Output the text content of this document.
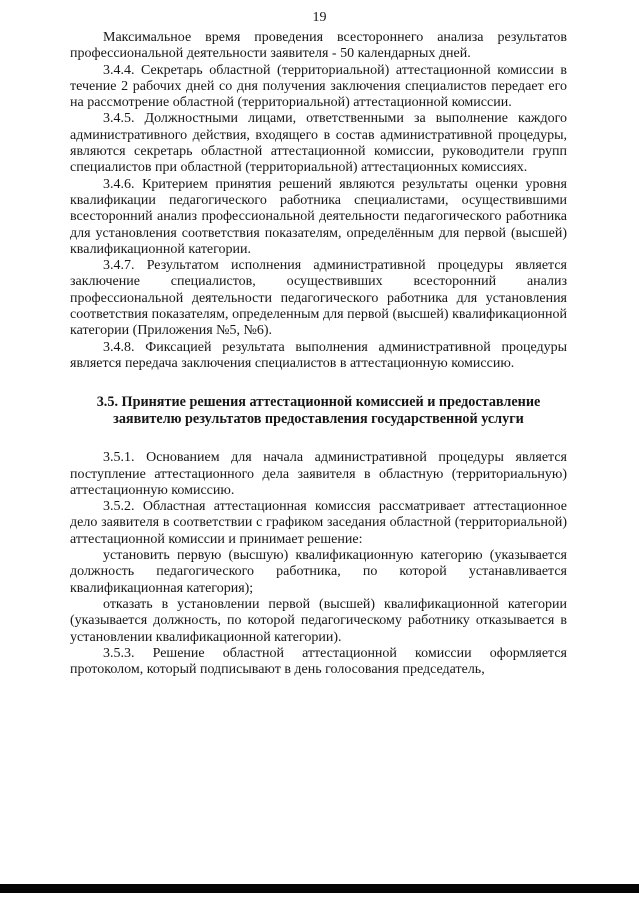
19

Максимальное время проведения всестороннего анализа результатов профессиональной деятельности заявителя - 50 календарных дней.

3.4.4. Секретарь областной (территориальной) аттестационной комиссии в течение 2 рабочих дней со дня получения заключения специалистов передает его на рассмотрение областной (территориальной) аттестационной комиссии.

3.4.5. Должностными лицами, ответственными за выполнение каждого административного действия, входящего в состав административной процедуры, являются секретарь областной аттестационной комиссии, руководители групп специалистов при областной (территориальной) аттестационных комиссиях.

3.4.6. Критерием принятия решений являются результаты оценки уровня квалификации педагогического работника специалистами, осуществившими всесторонний анализ профессиональной деятельности педагогического работника для установления соответствия показателям, определённым для первой (высшей) квалификационной категории.

3.4.7. Результатом исполнения административной процедуры является заключение специалистов, осуществивших всесторонний анализ профессиональной деятельности педагогического работника для установления соответствия показателям, определенным для первой (высшей) квалификационной категории (Приложения №5, №6).

3.4.8. Фиксацией результата выполнения административной процедуры является передача заключения специалистов в аттестационную комиссию.

3.5. Принятие решения аттестационной комиссией и предоставление заявителю результатов предоставления государственной услуги

3.5.1. Основанием для начала административной процедуры является поступление аттестационного дела заявителя в областную (территориальную) аттестационную комиссию.

3.5.2. Областная аттестационная комиссия рассматривает аттестационное дело заявителя в соответствии с графиком заседания областной (территориальной) аттестационной комиссии и принимает решение:

установить первую (высшую) квалификационную категорию (указывается должность педагогического работника, по которой устанавливается квалификационная категория);

отказать в установлении первой (высшей) квалификационной категории (указывается должность, по которой педагогическому работнику отказывается в установлении квалификационной категории).

3.5.3. Решение областной аттестационной комиссии оформляется протоколом, который подписывают в день голосования председатель,
